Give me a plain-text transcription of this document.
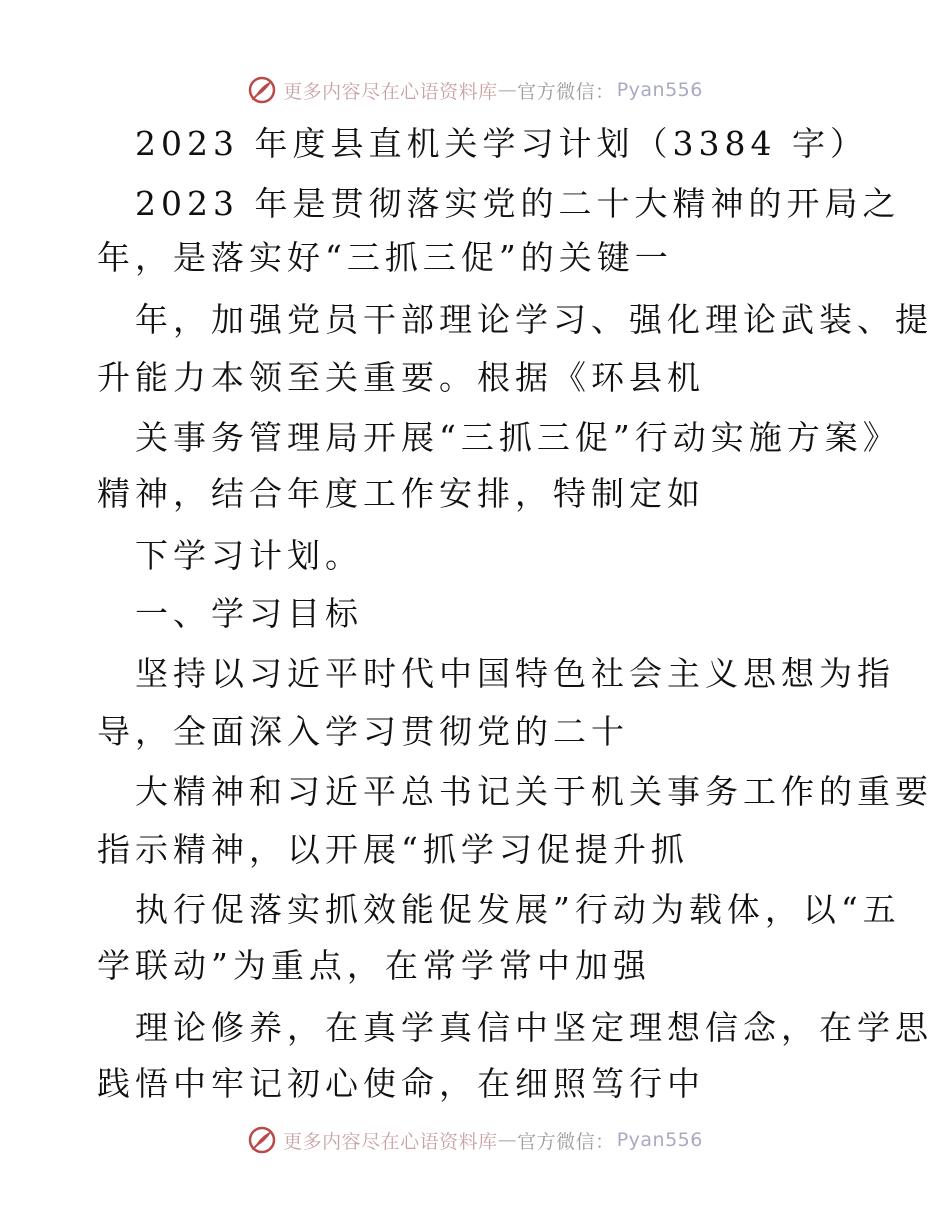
更多内容尽在心语资料库 — 官方微信： Pyan556
2023 年度县直机关学习计划（3384 字）
2023 年是贯彻落实党的二十大精神的开局之
年，是落实好“三抓三促”的关键一
年，加强党员干部理论学习、强化理论武装、提
升能力本领至关重要。根据《环县机
关事务管理局开展“三抓三促”行动实施方案》
精神，结合年度工作安排，特制定如
下学习计划。
一、学习目标
坚持以习近平时代中国特色社会主义思想为指
导，全面深入学习贯彻党的二十
大精神和习近平总书记关于机关事务工作的重要
指示精神，以开展“抓学习促提升抓
执行促落实抓效能促发展”行动为载体，以“五
学联动”为重点，在常学常中加强
理论修养，在真学真信中坚定理想信念，在学思
践悟中牢记初心使命，在细照笃行中
更多内容尽在心语资料库 — 官方微信： Pyan556
